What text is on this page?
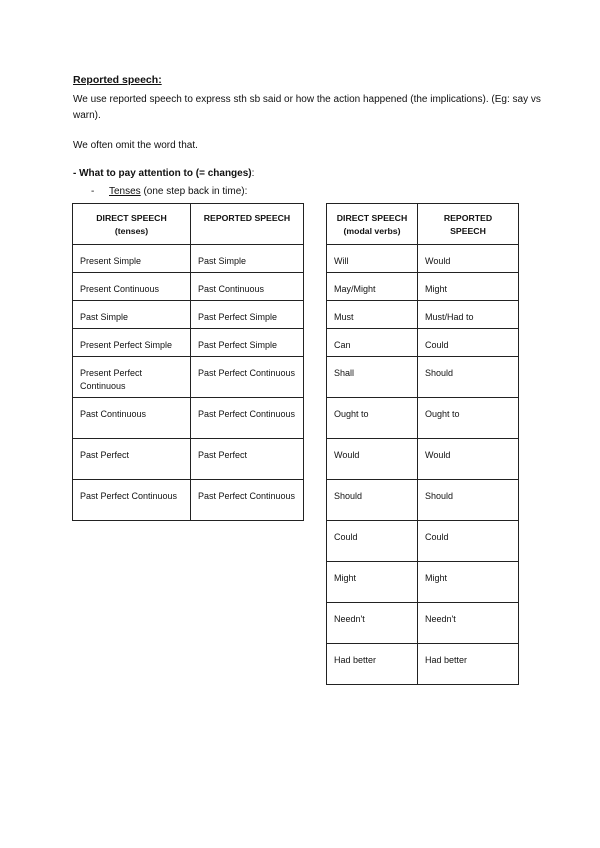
Reported speech:
We use reported speech to express sth sb said or how the action happened (the implications). (Eg: say vs warn).
We often omit the word that.
- What to pay attention to (= changes):
- Tenses (one step back in time):
DIRECT SPEECH
(tenses)	REPORTED SPEECH
Present Simple	Past Simple
Present Continuous	Past Continuous
Past Simple	Past Perfect Simple
Present Perfect Simple	Past Perfect Simple
Present Perfect Continuous	Past Perfect Continuous
Past Continuous	Past Perfect Continuous
Past Perfect	Past Perfect
Past Perfect Continuous	Past Perfect Continuous
DIRECT SPEECH
(modal verbs)	REPORTED SPEECH
Will	Would
May/Might	Might
Must	Must/Had to
Can	Could
Shall	Should
Ought to	Ought to
Would	Would
Should	Should
Could	Could
Might	Might
Needn't	Needn't
Had better	Had better
